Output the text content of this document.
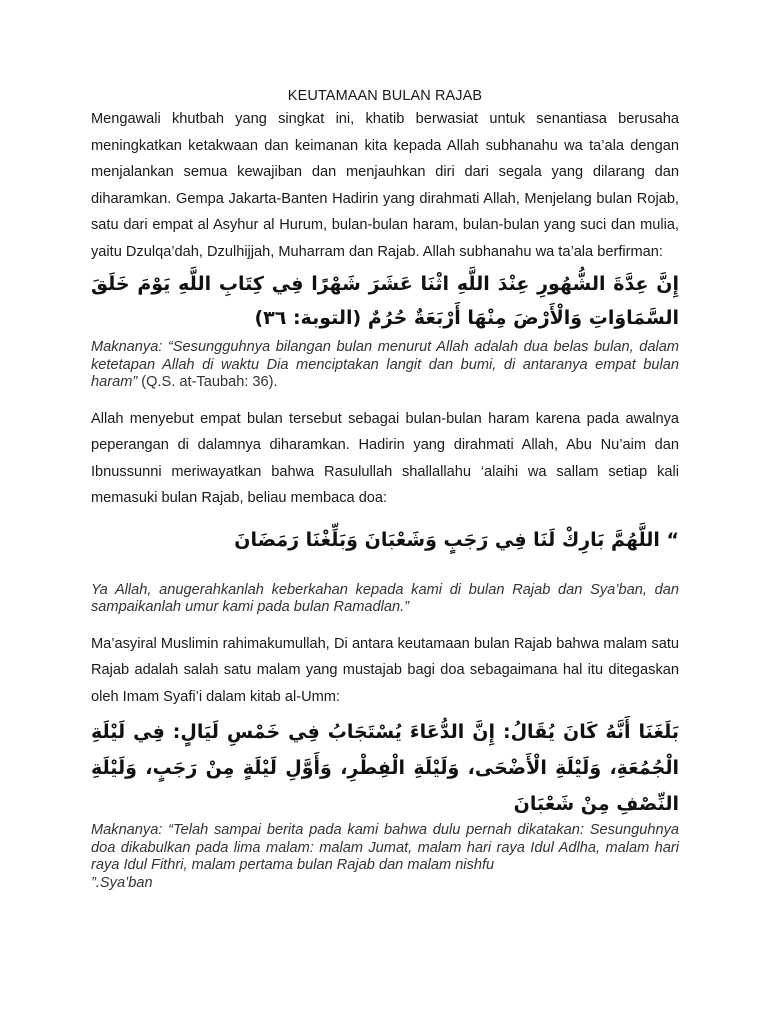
KEUTAMAAN BULAN RAJAB

Mengawali khutbah yang singkat ini, khatib berwasiat untuk senantiasa berusaha meningkatkan ketakwaan dan keimanan kita kepada Allah subhanahu wa ta’ala dengan menjalankan semua kewajiban dan menjauhkan diri dari segala yang dilarang dan diharamkan. Gempa Jakarta-Banten Hadirin yang dirahmati Allah, Menjelang bulan Rojab, satu dari empat al Asyhur al Hurum, bulan-bulan haram, bulan-bulan yang suci dan mulia, yaitu Dzulqa’dah, Dzulhijjah, Muharram dan Rajab. Allah subhanahu wa ta’ala berfirman:

إِنَّ عِدَّةَ الشُّهُورِ عِنْدَ اللَّهِ اثْنَا عَشَرَ شَهْرًا فِي كِتَابِ اللَّهِ يَوْمَ خَلَقَ السَّمَاوَاتِ وَالْأَرْضَ مِنْهَا أَرْبَعَةٌ حُرُمٌ (التوبة: ٣٦)

Maknanya: “Sesungguhnya bilangan bulan menurut Allah adalah dua belas bulan, dalam ketetapan Allah di waktu Dia menciptakan langit dan bumi, di antaranya empat bulan haram” (Q.S. at-Taubah: 36).

Allah menyebut empat bulan tersebut sebagai bulan-bulan haram karena pada awalnya peperangan di dalamnya diharamkan. Hadirin yang dirahmati Allah, Abu Nu’aim dan Ibnussunni meriwayatkan bahwa Rasulullah shallallahu ‘alaihi wa sallam setiap kali memasuki bulan Rajab, beliau membaca doa:

“ اللَّهُمَّ بَارِكْ لَنَا فِي رَجَبٍ وَشَعْبَانَ وَبَلِّغْنَا رَمَضَانَ

Ya Allah, anugerahkanlah keberkahan kepada kami di bulan Rajab dan Sya’ban, dan sampaikanlah umur kami pada bulan Ramadlan.”

Ma’asyiral Muslimin rahimakumullah, Di antara keutamaan bulan Rajab bahwa malam satu Rajab adalah salah satu malam yang mustajab bagi doa sebagaimana hal itu ditegaskan oleh Imam Syafi’i dalam kitab al-Umm:

بَلَغَنَا أَنَّهُ كَانَ يُقَالُ: إِنَّ الدُّعَاءَ يُسْتَجَابُ فِي خَمْسِ لَيَالٍ: فِي لَيْلَةِ الْجُمُعَةِ، وَلَيْلَةِ الْأَضْحَى، وَلَيْلَةِ الْفِطْرِ، وَأَوَّلِ لَيْلَةٍ مِنْ رَجَبٍ، وَلَيْلَةِ النِّصْفِ مِنْ شَعْبَانَ

Maknanya: “Telah sampai berita pada kami bahwa dulu pernah dikatakan: Sesunguhnya doa dikabulkan pada lima malam: malam Jumat, malam hari raya Idul Adlha, malam hari raya Idul Fithri, malam pertama bulan Rajab dan malam nishfu
”.Sya’ban
